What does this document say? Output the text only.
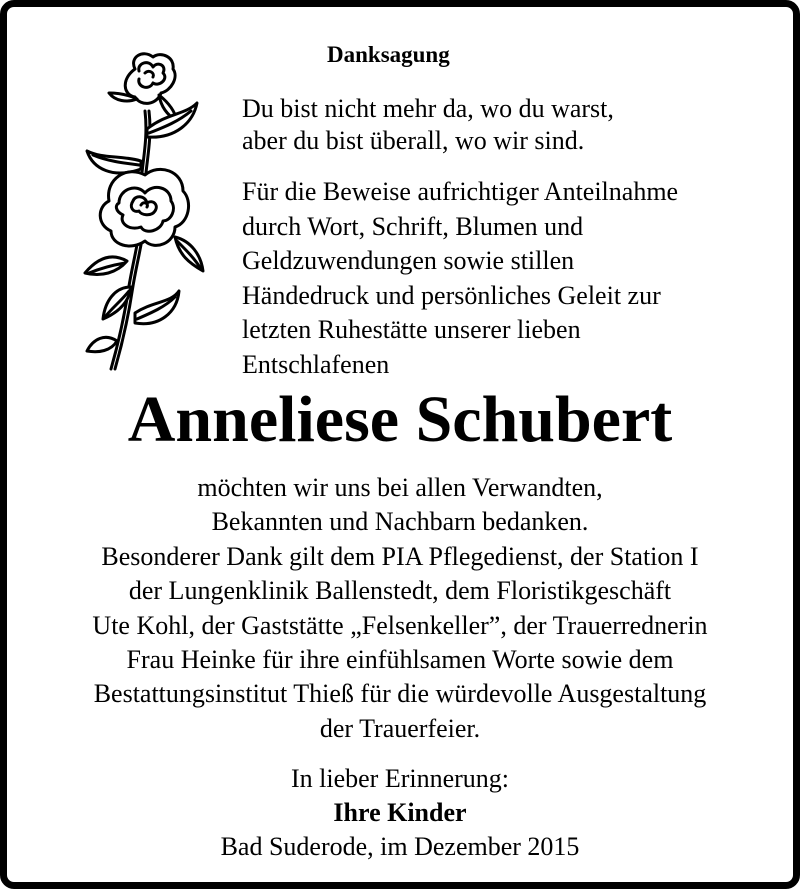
Danksagung
Du bist nicht mehr da, wo du warst,
aber du bist überall, wo wir sind.
Für die Beweise aufrichtiger Anteilnahme
durch Wort, Schrift, Blumen und
Geldzuwendungen sowie stillen
Händedruck und persönliches Geleit zur
letzten Ruhestätte unserer lieben
Entschlafenen
Anneliese Schubert
möchten wir uns bei allen Verwandten,
Bekannten und Nachbarn bedanken.
Besonderer Dank gilt dem PIA Pflegedienst, der Station I
der Lungenklinik Ballenstedt, dem Floristikgeschäft
Ute Kohl, der Gaststätte „Felsenkeller”, der Trauerrednerin
Frau Heinke für ihre einfühlsamen Worte sowie dem
Bestattungsinstitut Thieß für die würdevolle Ausgestaltung
der Trauerfeier.
In lieber Erinnerung:
Ihre Kinder
Bad Suderode, im Dezember 2015
